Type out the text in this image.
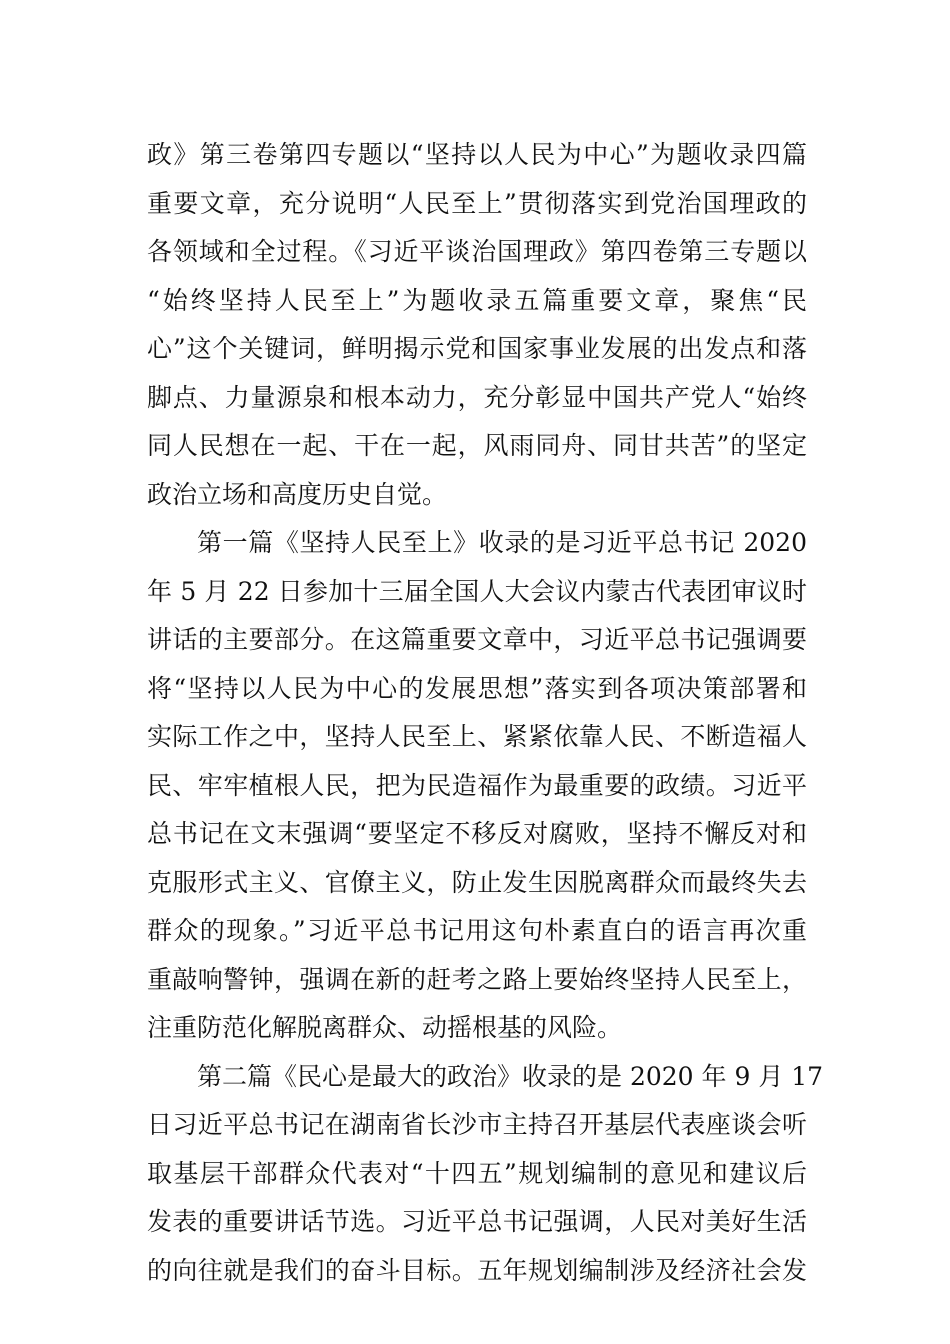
政》第三卷第四专题以“坚持以人民为中心”为题收录四篇
重要文章，充分说明“人民至上”贯彻落实到党治国理政的
各领域和全过程。《习近平谈治国理政》第四卷第三专题以
“始终坚持人民至上”为题收录五篇重要文章，聚焦“民
心”这个关键词，鲜明揭示党和国家事业发展的出发点和落
脚点、力量源泉和根本动力，充分彰显中国共产党人“始终
同人民想在一起、干在一起，风雨同舟、同甘共苦”的坚定
政治立场和高度历史自觉。
第一篇《坚持人民至上》收录的是习近平总书记 2020
年 5 月 22 日参加十三届全国人大会议内蒙古代表团审议时
讲话的主要部分。在这篇重要文章中，习近平总书记强调要
将“坚持以人民为中心的发展思想”落实到各项决策部署和
实际工作之中，坚持人民至上、紧紧依靠人民、不断造福人
民、牢牢植根人民，把为民造福作为最重要的政绩。习近平
总书记在文末强调“要坚定不移反对腐败，坚持不懈反对和
克服形式主义、官僚主义，防止发生因脱离群众而最终失去
群众的现象。”习近平总书记用这句朴素直白的语言再次重
重敲响警钟，强调在新的赶考之路上要始终坚持人民至上，
注重防范化解脱离群众、动摇根基的风险。
第二篇《民心是最大的政治》收录的是 2020 年 9 月 17
日习近平总书记在湖南省长沙市主持召开基层代表座谈会听
取基层干部群众代表对“十四五”规划编制的意见和建议后
发表的重要讲话节选。习近平总书记强调，人民对美好生活
的向往就是我们的奋斗目标。五年规划编制涉及经济社会发
